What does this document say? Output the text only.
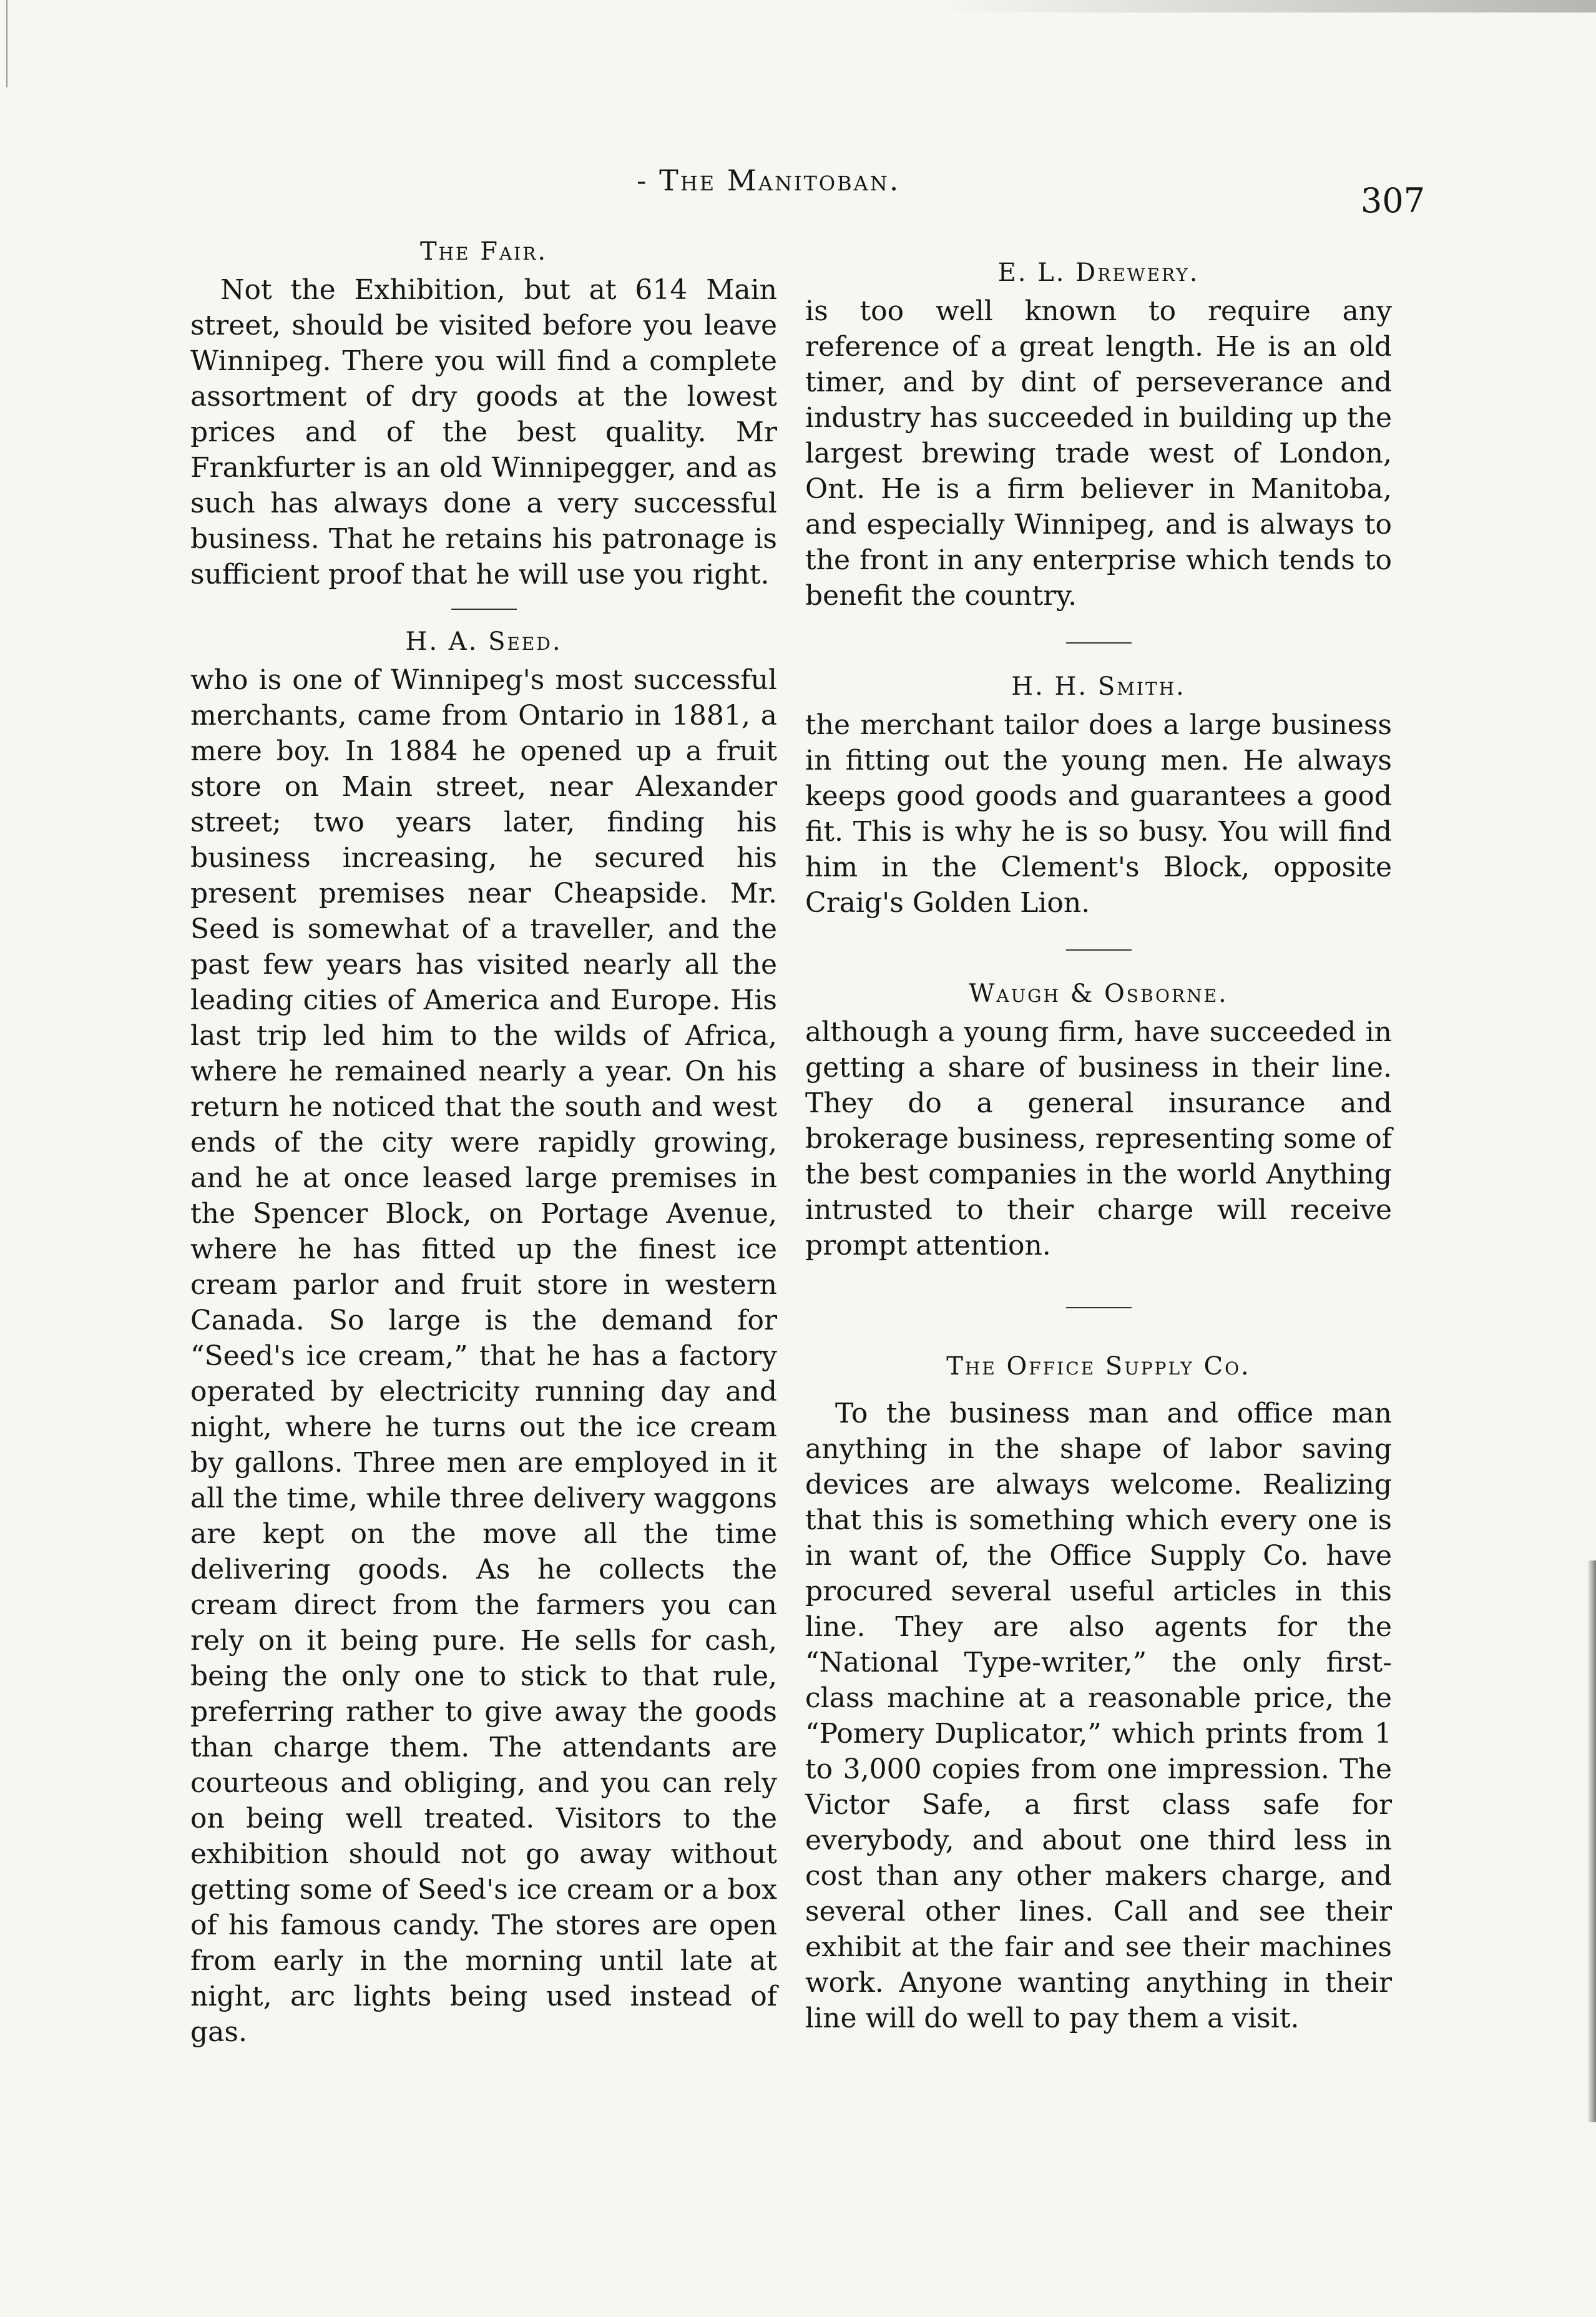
- The Manitoban.
307
The Fair.

Not the Exhibition, but at 614 Main street, should be visited before you leave Winnipeg. There you will find a complete assortment of dry goods at the lowest prices and of the best quality. Mr Frankfurter is an old Winnipegger, and as such has always done a very successful business. That he retains his patronage is sufficient proof that he will use you right.

H. A. Seed.

who is one of Winnipeg's most successful merchants, came from Ontario in 1881, a mere boy. In 1884 he opened up a fruit store on Main street, near Alexander street; two years later, finding his business increasing, he secured his present premises near Cheapside. Mr. Seed is somewhat of a traveller, and the past few years has visited nearly all the leading cities of America and Europe. His last trip led him to the wilds of Africa, where he remained nearly a year. On his return he noticed that the south and west ends of the city were rapidly growing, and he at once leased large premises in the Spencer Block, on Portage Avenue, where he has fitted up the finest ice cream parlor and fruit store in western Canada. So large is the demand for “Seed's ice cream,” that he has a factory operated by electricity running day and night, where he turns out the ice cream by gallons. Three men are employed in it all the time, while three delivery waggons are kept on the move all the time delivering goods. As he collects the cream direct from the farmers you can rely on it being pure. He sells for cash, being the only one to stick to that rule, preferring rather to give away the goods than charge them. The attendants are courteous and obliging, and you can rely on being well treated. Visitors to the exhibition should not go away without getting some of Seed's ice cream or a box of his famous candy. The stores are open from early in the morning until late at night, arc lights being used instead of gas.

E. L. Drewery.

is too well known to require any reference of a great length. He is an old timer, and by dint of perseverance and industry has succeeded in building up the largest brewing trade west of London, Ont. He is a firm believer in Manitoba, and especially Winnipeg, and is always to the front in any enterprise which tends to benefit the country.

H. H. Smith.

the merchant tailor does a large business in fitting out the young men. He always keeps good goods and guarantees a good fit. This is why he is so busy. You will find him in the Clement's Block, opposite Craig's Golden Lion.

Waugh & Osborne.

although a young firm, have succeeded in getting a share of business in their line. They do a general insurance and brokerage business, representing some of the best companies in the world Anything intrusted to their charge will receive prompt attention.

The Office Supply Co.

To the business man and office man anything in the shape of labor saving devices are always welcome. Realizing that this is something which every one is in want of, the Office Supply Co. have procured several useful articles in this line. They are also agents for the “National Type-writer,” the only first-class machine at a reasonable price, the “Pomery Duplicator,” which prints from 1 to 3,000 copies from one impression. The Victor Safe, a first class safe for everybody, and about one third less in cost than any other makers charge, and several other lines. Call and see their exhibit at the fair and see their machines work. Anyone wanting anything in their line will do well to pay them a visit.
